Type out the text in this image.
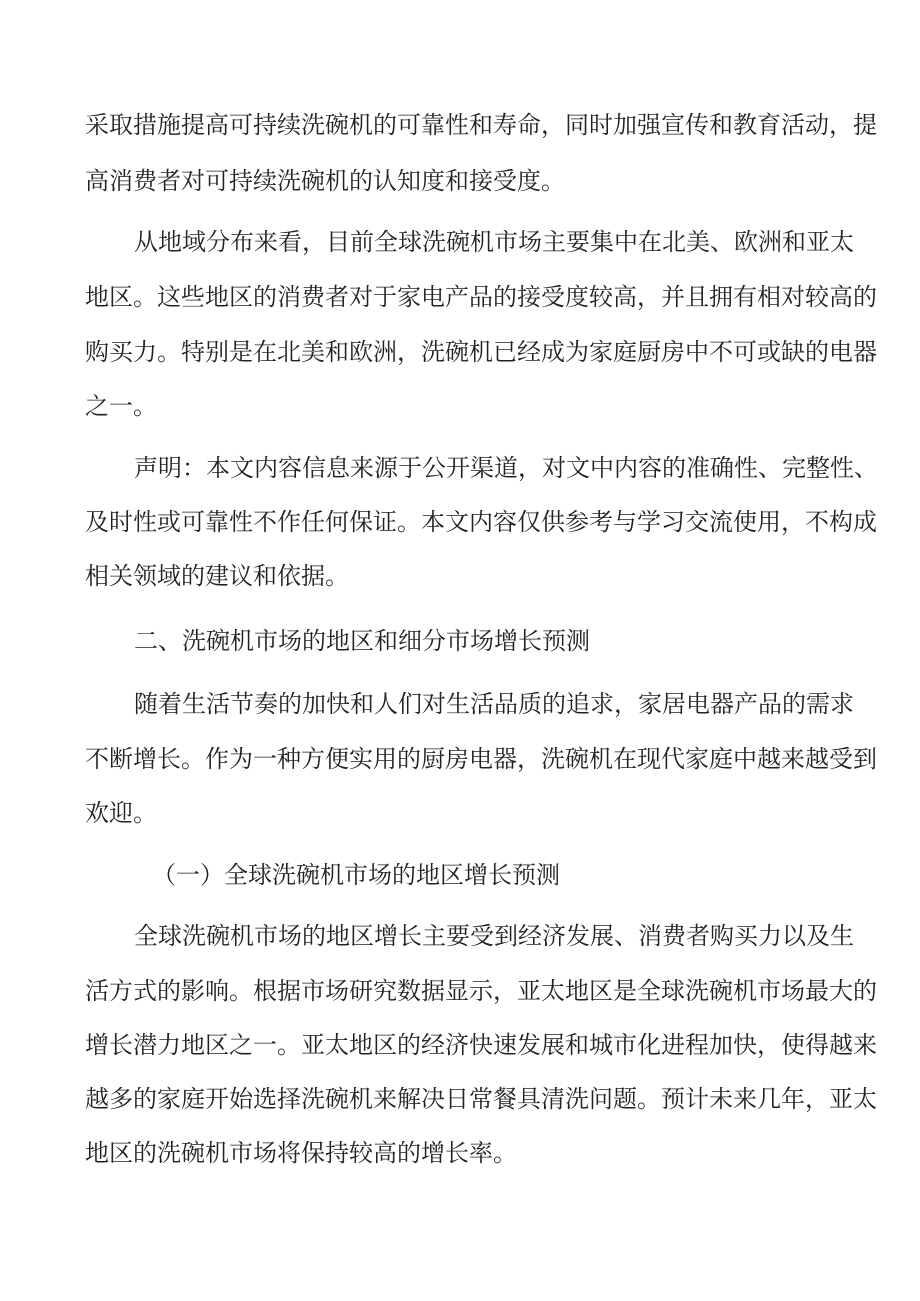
采取措施提高可持续洗碗机的可靠性和寿命，同时加强宣传和教育活动，提
高消费者对可持续洗碗机的认知度和接受度。
从地域分布来看，目前全球洗碗机市场主要集中在北美、欧洲和亚太
地区。这些地区的消费者对于家电产品的接受度较高，并且拥有相对较高的
购买力。特别是在北美和欧洲，洗碗机已经成为家庭厨房中不可或缺的电器
之一。
声明：本文内容信息来源于公开渠道，对文中内容的准确性、完整性、
及时性或可靠性不作任何保证。本文内容仅供参考与学习交流使用，不构成
相关领域的建议和依据。
二、洗碗机市场的地区和细分市场增长预测
随着生活节奏的加快和人们对生活品质的追求，家居电器产品的需求
不断增长。作为一种方便实用的厨房电器，洗碗机在现代家庭中越来越受到
欢迎。
（一）全球洗碗机市场的地区增长预测
全球洗碗机市场的地区增长主要受到经济发展、消费者购买力以及生
活方式的影响。根据市场研究数据显示，亚太地区是全球洗碗机市场最大的
增长潜力地区之一。亚太地区的经济快速发展和城市化进程加快，使得越来
越多的家庭开始选择洗碗机来解决日常餐具清洗问题。预计未来几年，亚太
地区的洗碗机市场将保持较高的增长率。
